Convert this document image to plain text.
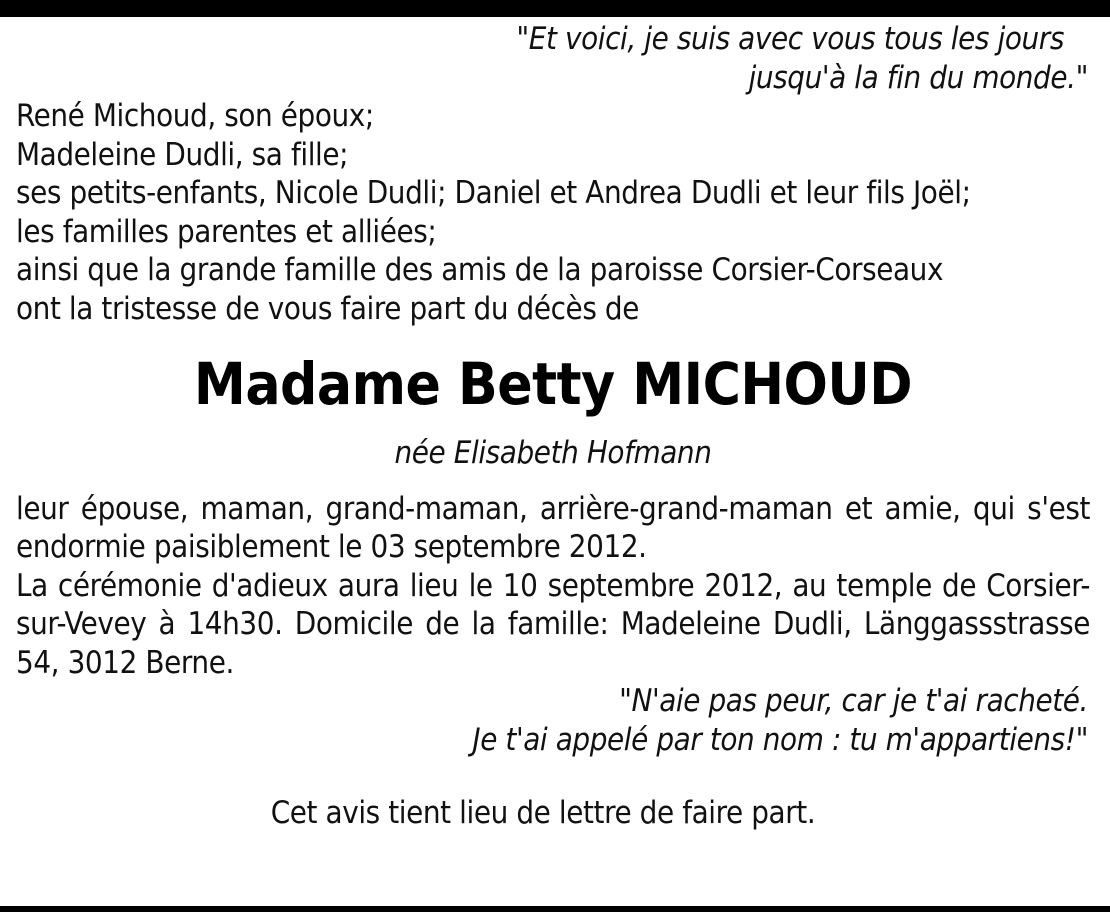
"Et voici, je suis avec vous tous les jours
jusqu'à la fin du monde."
René Michoud, son époux;
Madeleine Dudli, sa fille;
ses petits-enfants, Nicole Dudli; Daniel et Andrea Dudli et leur fils Joël;
les familles parentes et alliées;
ainsi que la grande famille des amis de la paroisse Corsier-Corseaux
ont la tristesse de vous faire part du décès de
Madame Betty MICHOUD
née Elisabeth Hofmann
leur épouse, maman, grand-maman, arrière-grand-maman et amie, qui s'est endormie paisiblement le 03 septembre 2012.
La cérémonie d'adieux aura lieu le 10 septembre 2012, au temple de Corsier-sur-Vevey à 14h30. Domicile de la famille: Madeleine Dudli, Länggassstrasse 54, 3012 Berne.
"N'aie pas peur, car je t'ai racheté.
Je t'ai appelé par ton nom : tu m'appartiens!"
Cet avis tient lieu de lettre de faire part.
